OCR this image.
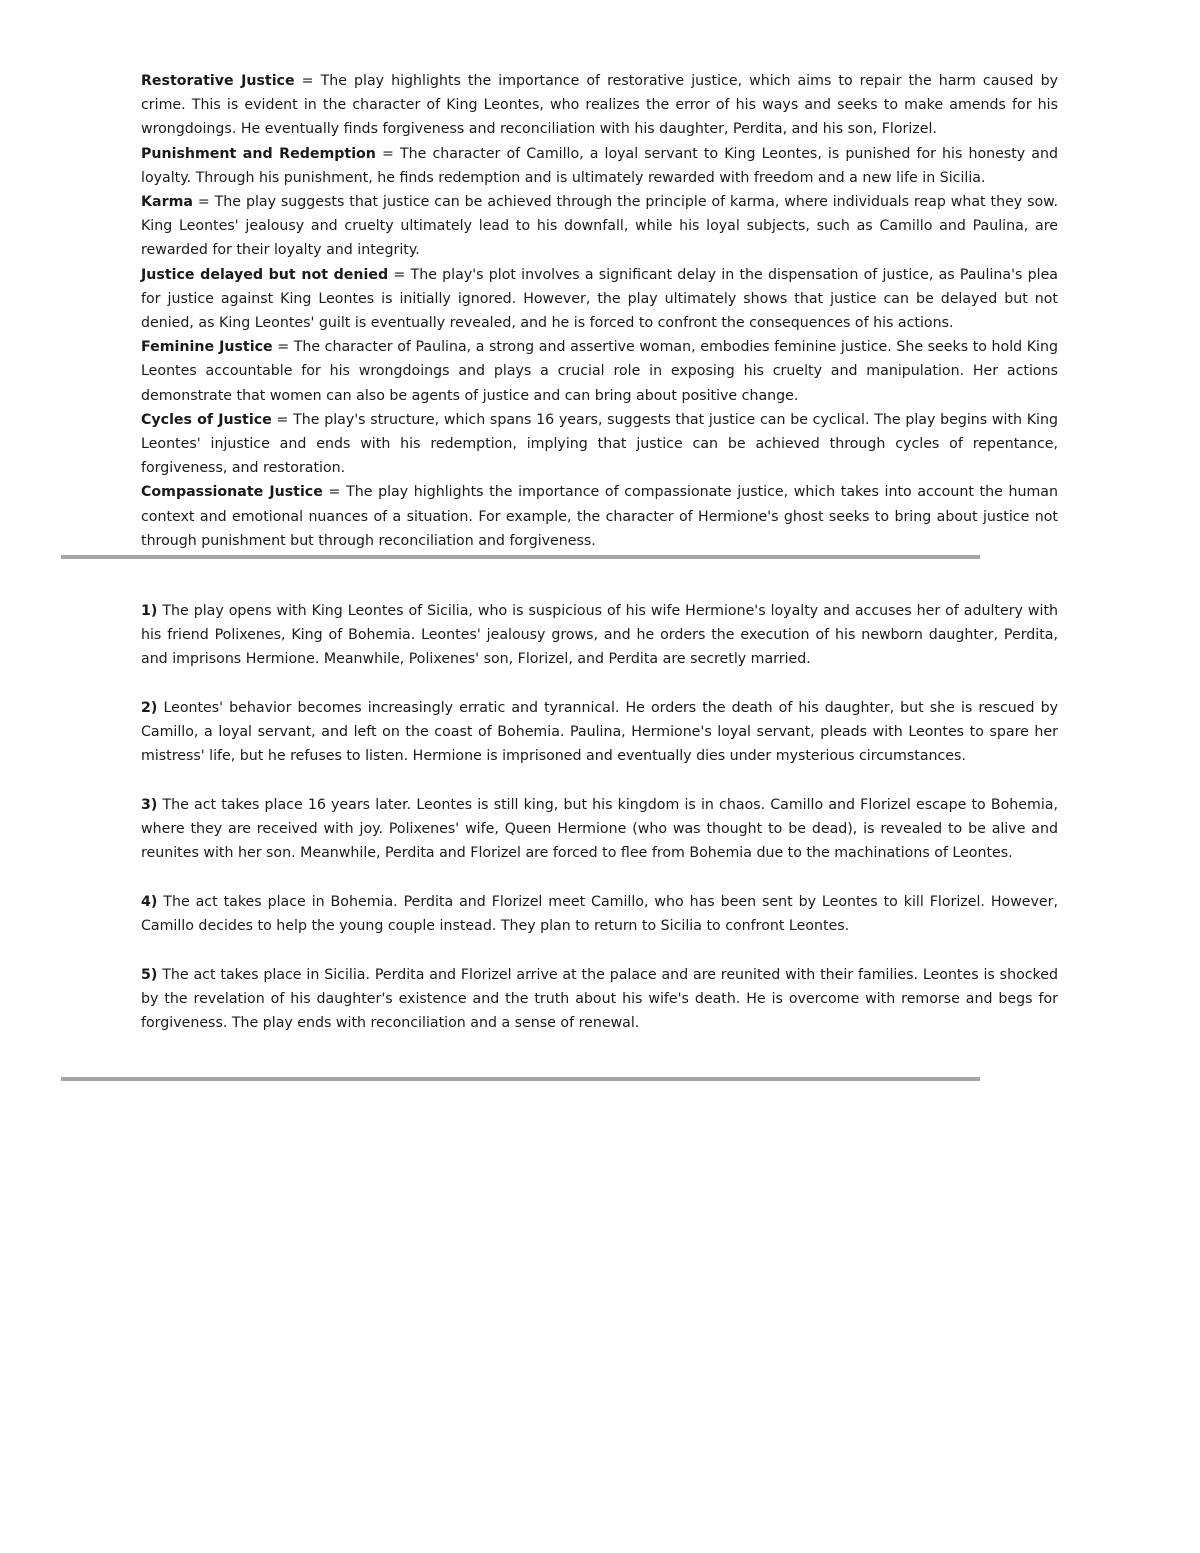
Restorative Justice = The play highlights the importance of restorative justice, which aims to repair the harm caused by crime. This is evident in the character of King Leontes, who realizes the error of his ways and seeks to make amends for his wrongdoings. He eventually finds forgiveness and reconciliation with his daughter, Perdita, and his son, Florizel.

Punishment and Redemption = The character of Camillo, a loyal servant to King Leontes, is punished for his honesty and loyalty. Through his punishment, he finds redemption and is ultimately rewarded with freedom and a new life in Sicilia.

Karma = The play suggests that justice can be achieved through the principle of karma, where individuals reap what they sow. King Leontes' jealousy and cruelty ultimately lead to his downfall, while his loyal subjects, such as Camillo and Paulina, are rewarded for their loyalty and integrity.

Justice delayed but not denied = The play's plot involves a significant delay in the dispensation of justice, as Paulina's plea for justice against King Leontes is initially ignored. However, the play ultimately shows that justice can be delayed but not denied, as King Leontes' guilt is eventually revealed, and he is forced to confront the consequences of his actions.

Feminine Justice = The character of Paulina, a strong and assertive woman, embodies feminine justice. She seeks to hold King Leontes accountable for his wrongdoings and plays a crucial role in exposing his cruelty and manipulation. Her actions demonstrate that women can also be agents of justice and can bring about positive change.

Cycles of Justice = The play's structure, which spans 16 years, suggests that justice can be cyclical. The play begins with King Leontes' injustice and ends with his redemption, implying that justice can be achieved through cycles of repentance, forgiveness, and restoration.

Compassionate Justice = The play highlights the importance of compassionate justice, which takes into account the human context and emotional nuances of a situation. For example, the character of Hermione's ghost seeks to bring about justice not through punishment but through reconciliation and forgiveness.

1) The play opens with King Leontes of Sicilia, who is suspicious of his wife Hermione's loyalty and accuses her of adultery with his friend Polixenes, King of Bohemia. Leontes' jealousy grows, and he orders the execution of his newborn daughter, Perdita, and imprisons Hermione. Meanwhile, Polixenes' son, Florizel, and Perdita are secretly married.

2) Leontes' behavior becomes increasingly erratic and tyrannical. He orders the death of his daughter, but she is rescued by Camillo, a loyal servant, and left on the coast of Bohemia. Paulina, Hermione's loyal servant, pleads with Leontes to spare her mistress' life, but he refuses to listen. Hermione is imprisoned and eventually dies under mysterious circumstances.

3) The act takes place 16 years later. Leontes is still king, but his kingdom is in chaos. Camillo and Florizel escape to Bohemia, where they are received with joy. Polixenes' wife, Queen Hermione (who was thought to be dead), is revealed to be alive and reunites with her son. Meanwhile, Perdita and Florizel are forced to flee from Bohemia due to the machinations of Leontes.

4) The act takes place in Bohemia. Perdita and Florizel meet Camillo, who has been sent by Leontes to kill Florizel. However, Camillo decides to help the young couple instead. They plan to return to Sicilia to confront Leontes.

5) The act takes place in Sicilia. Perdita and Florizel arrive at the palace and are reunited with their families. Leontes is shocked by the revelation of his daughter's existence and the truth about his wife's death. He is overcome with remorse and begs for forgiveness. The play ends with reconciliation and a sense of renewal.
